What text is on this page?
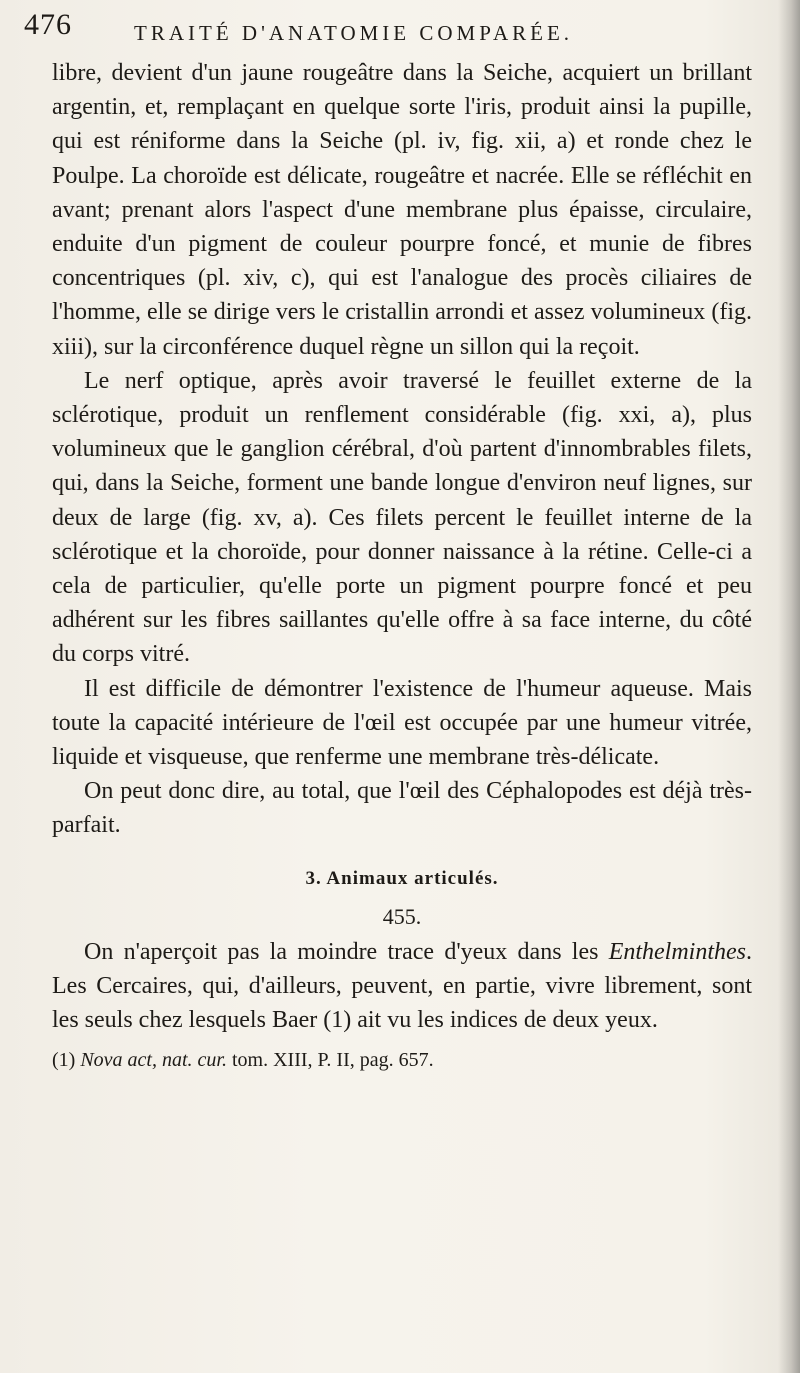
476	TRAITÉ D'ANATOMIE COMPARÉE.

libre, devient d'un jaune rougeâtre dans la Seiche, acquiert un brillant argentin, et, remplaçant en quelque sorte l'iris, produit ainsi la pupille, qui est réniforme dans la Seiche (pl. iv, fig. xii, a) et ronde chez le Poulpe. La choroïde est délicate, rougeâtre et nacrée. Elle se réfléchit en avant; prenant alors l'aspect d'une membrane plus épaisse, circulaire, enduite d'un pigment de couleur pourpre foncé, et munie de fibres concentriques (pl. xiv, c), qui est l'analogue des procès ciliaires de l'homme, elle se dirige vers le cristallin arrondi et assez volumineux (fig. xiii), sur la circonférence duquel règne un sillon qui la reçoit.

Le nerf optique, après avoir traversé le feuillet externe de la sclérotique, produit un renflement considérable (fig. xxi, a), plus volumineux que le ganglion cérébral, d'où partent d'innombrables filets, qui, dans la Seiche, forment une bande longue d'environ neuf lignes, sur deux de large (fig. xv, a). Ces filets percent le feuillet interne de la sclérotique et la choroïde, pour donner naissance à la rétine. Celle-ci a cela de particulier, qu'elle porte un pigment pourpre foncé et peu adhérent sur les fibres saillantes qu'elle offre à sa face interne, du côté du corps vitré.

Il est difficile de démontrer l'existence de l'humeur aqueuse. Mais toute la capacité intérieure de l'œil est occupée par une humeur vitrée, liquide et visqueuse, que renferme une membrane très-délicate.

On peut donc dire, au total, que l'œil des Céphalopodes est déjà très-parfait.

3. Animaux articulés.

455.

On n'aperçoit pas la moindre trace d'yeux dans les Enthelminthes. Les Cercaires, qui, d'ailleurs, peuvent, en partie, vivre librement, sont les seuls chez lesquels Baer (1) ait vu les indices de deux yeux.

(1) Nova act, nat. cur. tom. XIII, P. II, pag. 657.
